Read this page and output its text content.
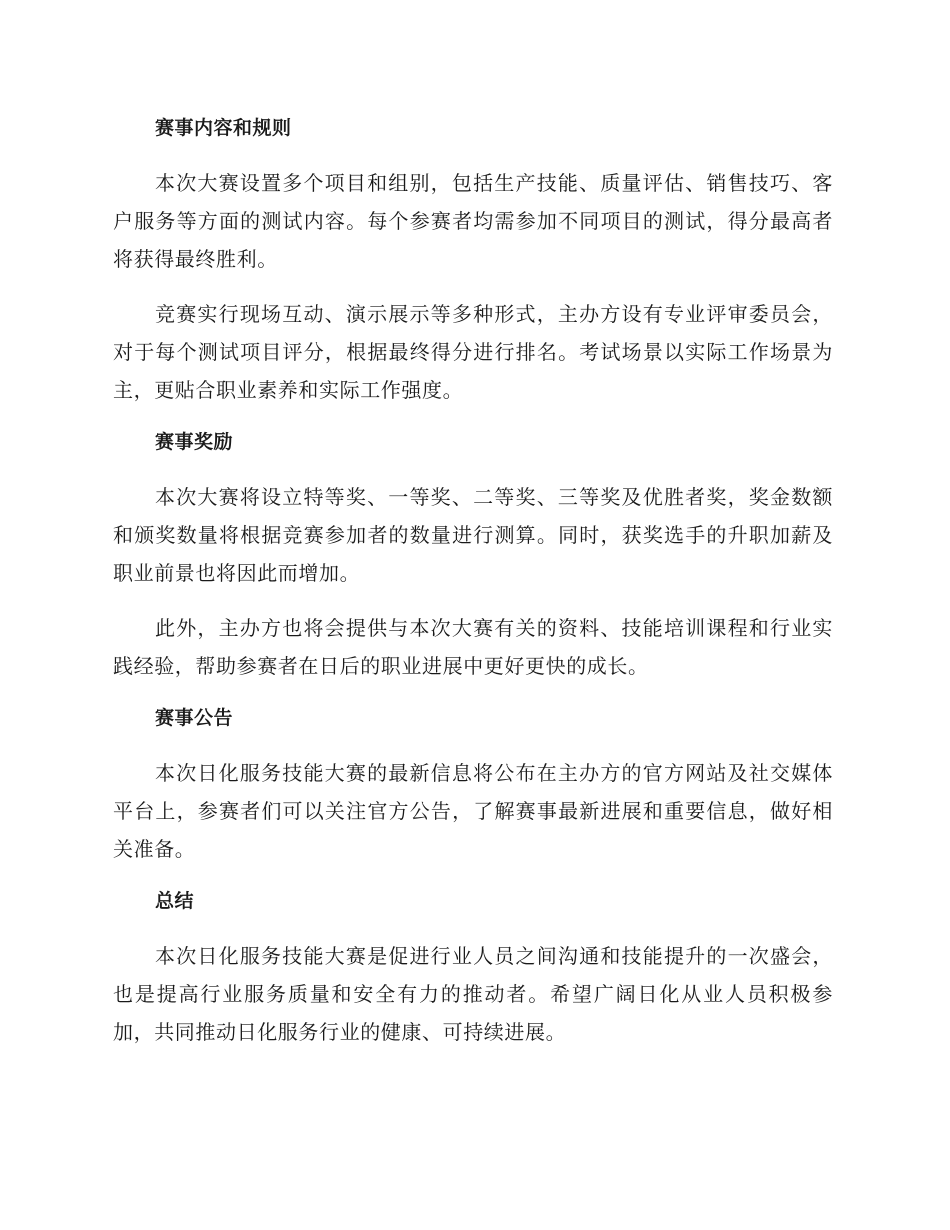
赛事内容和规则

本次大赛设置多个项目和组别，包括生产技能、质量评估、销售技巧、客户服务等方面的测试内容。每个参赛者均需参加不同项目的测试，得分最高者将获得最终胜利。

竞赛实行现场互动、演示展示等多种形式，主办方设有专业评审委员会，对于每个测试项目评分，根据最终得分进行排名。考试场景以实际工作场景为主，更贴合职业素养和实际工作强度。

赛事奖励

本次大赛将设立特等奖、一等奖、二等奖、三等奖及优胜者奖，奖金数额和颁奖数量将根据竞赛参加者的数量进行测算。同时，获奖选手的升职加薪及职业前景也将因此而增加。

此外，主办方也将会提供与本次大赛有关的资料、技能培训课程和行业实践经验，帮助参赛者在日后的职业进展中更好更快的成长。

赛事公告

本次日化服务技能大赛的最新信息将公布在主办方的官方网站及社交媒体平台上，参赛者们可以关注官方公告，了解赛事最新进展和重要信息，做好相关准备。

总结

本次日化服务技能大赛是促进行业人员之间沟通和技能提升的一次盛会，也是提高行业服务质量和安全有力的推动者。希望广阔日化从业人员积极参加，共同推动日化服务行业的健康、可持续进展。
